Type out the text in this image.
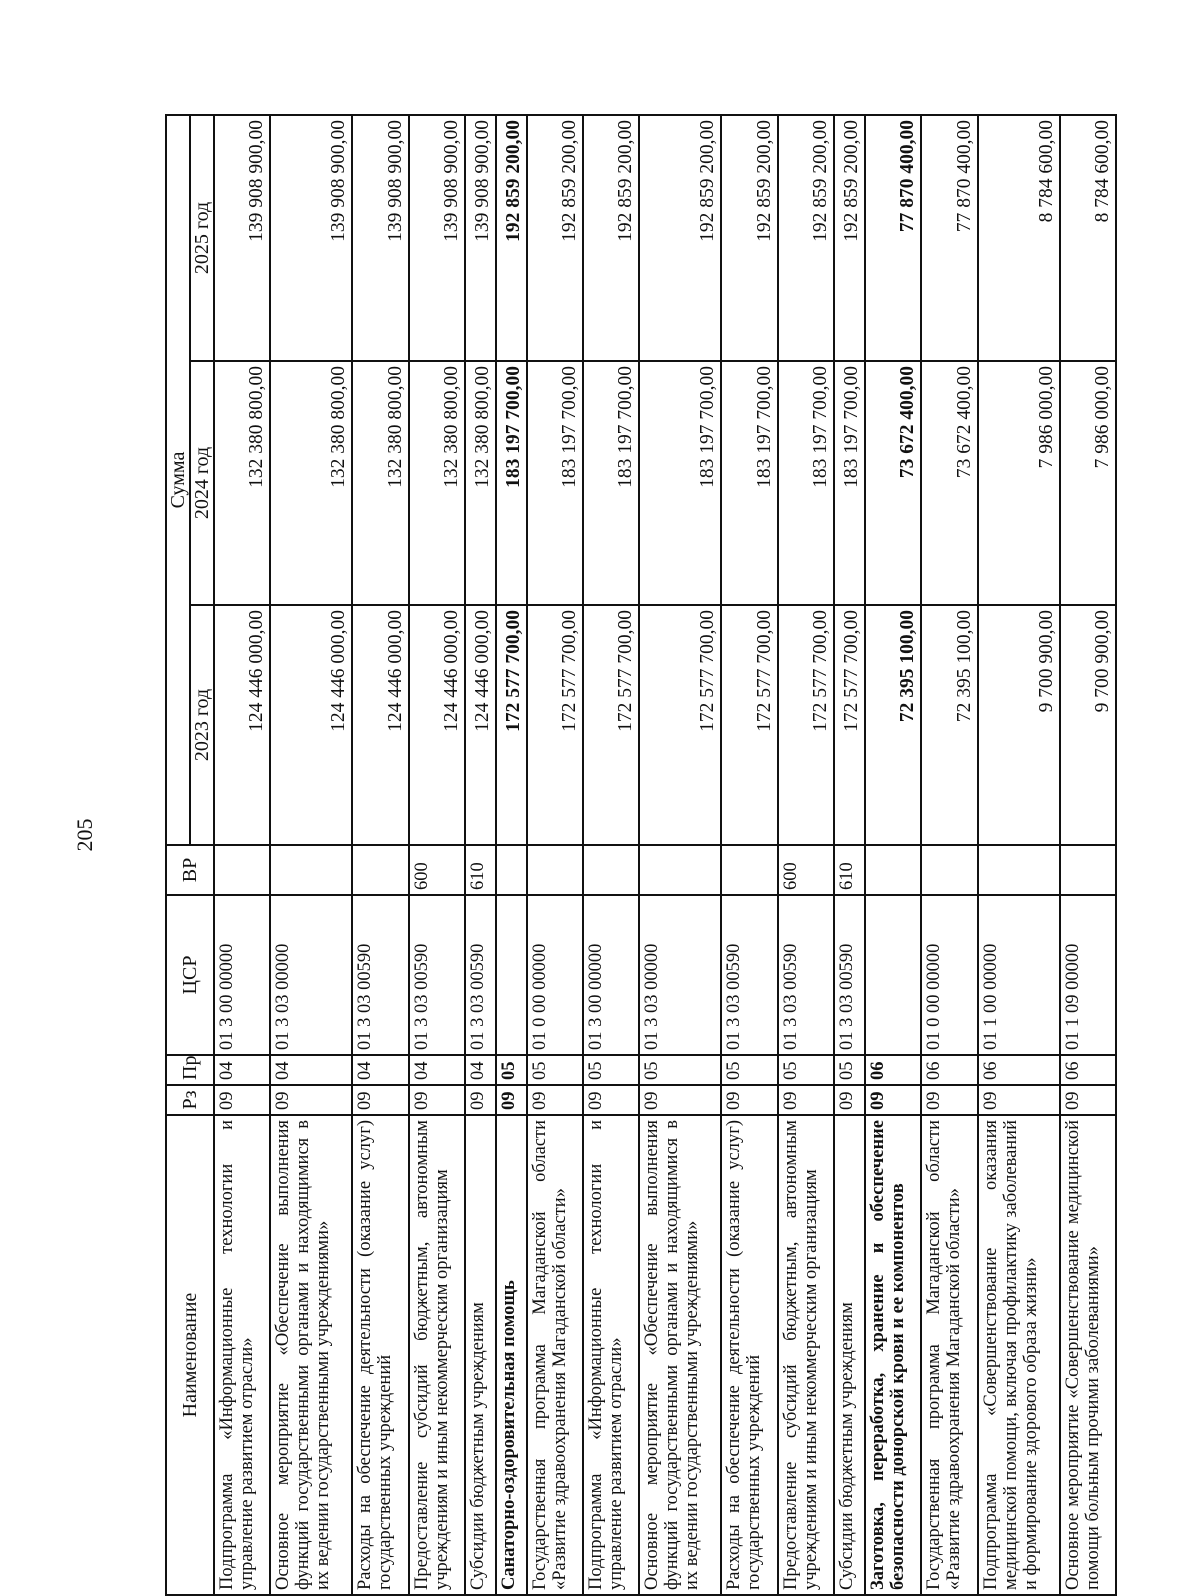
205
Наименование	Рз	Пр	ЦСР	ВР	Сумма		
					2023 год	2024 год	2025 год
Подпрограмма «Информационные технологии и управление развитием отрасли»	09	04	01 3 00 00000		124 446 000,00	132 380 800,00	139 908 900,00
Основное мероприятие «Обеспечение выполнения функций государственными органами и находящимися в их ведении государственными учреждениями»	09	04	01 3 03 00000		124 446 000,00	132 380 800,00	139 908 900,00
Расходы на обеспечение деятельности (оказание услуг) государственных учреждений	09	04	01 3 03 00590		124 446 000,00	132 380 800,00	139 908 900,00
Предоставление субсидий бюджетным, автономным учреждениям и иным некоммерческим организациям	09	04	01 3 03 00590	600	124 446 000,00	132 380 800,00	139 908 900,00
Субсидии бюджетным учреждениям	09	04	01 3 03 00590	610	124 446 000,00	132 380 800,00	139 908 900,00
Санаторно-оздоровительная помощь	09	05			172 577 700,00	183 197 700,00	192 859 200,00
Государственная программа Магаданской области «Развитие здравоохранения Магаданской области»	09	05	01 0 00 00000		172 577 700,00	183 197 700,00	192 859 200,00
Подпрограмма «Информационные технологии и управление развитием отрасли»	09	05	01 3 00 00000		172 577 700,00	183 197 700,00	192 859 200,00
Основное мероприятие «Обеспечение выполнения функций государственными органами и находящимися в их ведении государственными учреждениями»	09	05	01 3 03 00000		172 577 700,00	183 197 700,00	192 859 200,00
Расходы на обеспечение деятельности (оказание услуг) государственных учреждений	09	05	01 3 03 00590		172 577 700,00	183 197 700,00	192 859 200,00
Предоставление субсидий бюджетным, автономным учреждениям и иным некоммерческим организациям	09	05	01 3 03 00590	600	172 577 700,00	183 197 700,00	192 859 200,00
Субсидии бюджетным учреждениям	09	05	01 3 03 00590	610	172 577 700,00	183 197 700,00	192 859 200,00
Заготовка, переработка, хранение и обеспечение безопасности донорской крови и ее компонентов	09	06			72 395 100,00	73 672 400,00	77 870 400,00
Государственная программа Магаданской области «Развитие здравоохранения Магаданской области»	09	06	01 0 00 00000		72 395 100,00	73 672 400,00	77 870 400,00
Подпрограмма «Совершенствование оказания медицинской помощи, включая профилактику заболеваний и формирование здорового образа жизни»	09	06	01 1 00 00000		9 700 900,00	7 986 000,00	8 784 600,00
Основное мероприятие «Совершенствование медицинской помощи больным прочими заболеваниями»	09	06	01 1 09 00000		9 700 900,00	7 986 000,00	8 784 600,00
